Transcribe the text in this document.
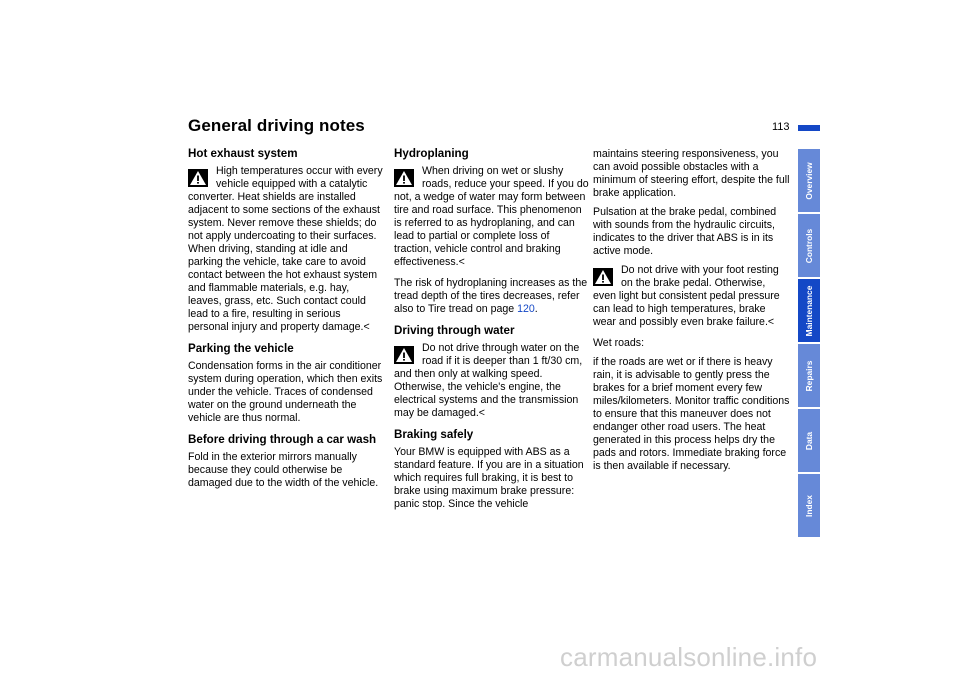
General driving notes	113
Hot exhaust system
High temperatures occur with every vehicle equipped with a catalytic converter. Heat shields are installed adjacent to some sections of the exhaust system. Never remove these shields; do not apply undercoating to their surfaces. When driving, standing at idle and parking the vehicle, take care to avoid contact between the hot exhaust system and flammable materials, e.g. hay, leaves, grass, etc. Such contact could lead to a fire, resulting in serious personal injury and property damage.<
Parking the vehicle

Condensation forms in the air conditioner system during operation, which then exits under the vehicle. Traces of condensed water on the ground underneath the vehicle are thus normal.

Before driving through a car wash

Fold in the exterior mirrors manually because they could otherwise be damaged due to the width of the vehicle.

Hydroplaning
When driving on wet or slushy roads, reduce your speed. If you do not, a wedge of water may form between tire and road surface. This phenomenon is referred to as hydroplaning, and can lead to partial or complete loss of traction, vehicle control and braking effectiveness.<

The risk of hydroplaning increases as the tread depth of the tires decreases, refer also to Tire tread on page 120.

Driving through water
Do not drive through water on the road if it is deeper than 1 ft/30 cm, and then only at walking speed. Otherwise, the vehicle's engine, the electrical systems and the transmission may be damaged.<
Braking safely

Your BMW is equipped with ABS as a standard feature. If you are in a situation which requires full braking, it is best to brake using maximum brake pressure: panic stop. Since the vehicle

maintains steering responsiveness, you can avoid possible obstacles with a minimum of steering effort, despite the full brake application.

Pulsation at the brake pedal, combined with sounds from the hydraulic circuits, indicates to the driver that ABS is in its active mode.

Do not drive with your foot resting on the brake pedal. Otherwise, even light but consistent pedal pressure can lead to high temperatures, brake wear and possibly even brake failure.<

Wet roads:

if the roads are wet or if there is heavy rain, it is advisable to gently press the brakes for a brief moment every few miles/kilometers. Monitor traffic conditions to ensure that this maneuver does not endanger other road users. The heat generated in this process helps dry the pads and rotors. Immediate braking force is then available if necessary.

Overview
Controls
Maintenance
Repairs
Data
Index
carmanualsonline.info
